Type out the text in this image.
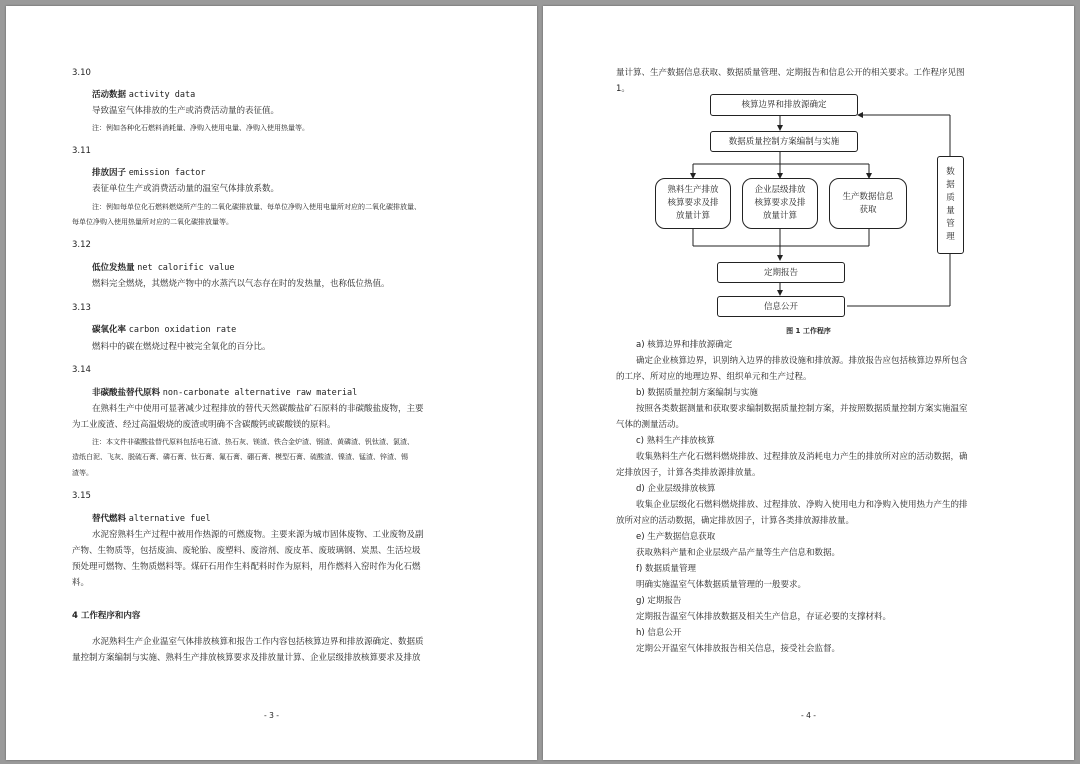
3.10
活动数据 activity data
导致温室气体排放的生产或消费活动量的表征值。
注：例如各种化石燃料消耗量、净购入使用电量、净购入使用热量等。
3.11
排放因子 emission factor
表征单位生产或消费活动量的温室气体排放系数。
注：例如每单位化石燃料燃烧所产生的二氧化碳排放量、每单位净购入使用电量所对应的二氧化碳排放量、
每单位净购入使用热量所对应的二氧化碳排放量等。
3.12
低位发热量 net calorific value
燃料完全燃烧，其燃烧产物中的水蒸汽以气态存在时的发热量，也称低位热值。
3.13
碳氧化率 carbon oxidation rate
燃料中的碳在燃烧过程中被完全氧化的百分比。
3.14
非碳酸盐替代原料 non-carbonate alternative raw material
在熟料生产中使用可显著减少过程排放的替代天然碳酸盐矿石原料的非碳酸盐废物，主要
为工业废渣、经过高温煅烧的废渣或明确不含碳酸钙或碳酸镁的原料。
注：本文件非碳酸盐替代原料包括电石渣、热石灰、镁渣、铁合金炉渣、钢渣、黄磷渣、钒钛渣、氯渣、
造纸白泥、飞灰、脱硫石膏、磷石膏、钛石膏、氟石膏、硼石膏、模型石膏、硫酸渣、镍渣、锰渣、锌渣、锡
渣等。
3.15
替代燃料 alternative fuel
水泥窑熟料生产过程中被用作热源的可燃废物。主要来源为城市固体废物、工业废物及副
产物、生物质等，包括废油、废轮胎、废塑料、废溶剂、废皮革、废玻璃钢、炭黑、生活垃圾
预处理可燃物、生物质燃料等。煤矸石用作生料配料时作为原料，用作燃料入窑时作为化石燃
料。
4 工作程序和内容
水泥熟料生产企业温室气体排放核算和报告工作内容包括核算边界和排放源确定、数据质
量控制方案编制与实施、熟料生产排放核算要求及排放量计算、企业层级排放核算要求及排放
- 3 -
量计算、生产数据信息获取、数据质量管理、定期报告和信息公开的相关要求。工作程序见图
1。
核算边界和排放源确定
数据质量控制方案编制与实施
熟料生产排放
核算要求及排
放量计算
企业层级排放
核算要求及排
放量计算
生产数据信息
获取
定期报告
信息公开
数
据
质
量
管
理
图 1 工作程序
a) 核算边界和排放源确定
确定企业核算边界，识别纳入边界的排放设施和排放源。排放报告应包括核算边界所包含
的工序、所对应的地理边界、组织单元和生产过程。
b) 数据质量控制方案编制与实施
按照各类数据测量和获取要求编制数据质量控制方案，并按照数据质量控制方案实施温室
气体的测量活动。
c) 熟料生产排放核算
收集熟料生产化石燃料燃烧排放、过程排放及消耗电力产生的排放所对应的活动数据，确
定排放因子，计算各类排放源排放量。
d) 企业层级排放核算
收集企业层级化石燃料燃烧排放、过程排放、净购入使用电力和净购入使用热力产生的排
放所对应的活动数据，确定排放因子，计算各类排放源排放量。
e) 生产数据信息获取
获取熟料产量和企业层级产品产量等生产信息和数据。
f) 数据质量管理
明确实施温室气体数据质量管理的一般要求。
g) 定期报告
定期报告温室气体排放数据及相关生产信息，存证必要的支撑材料。
h) 信息公开
定期公开温室气体排放报告相关信息，接受社会监督。
- 4 -
